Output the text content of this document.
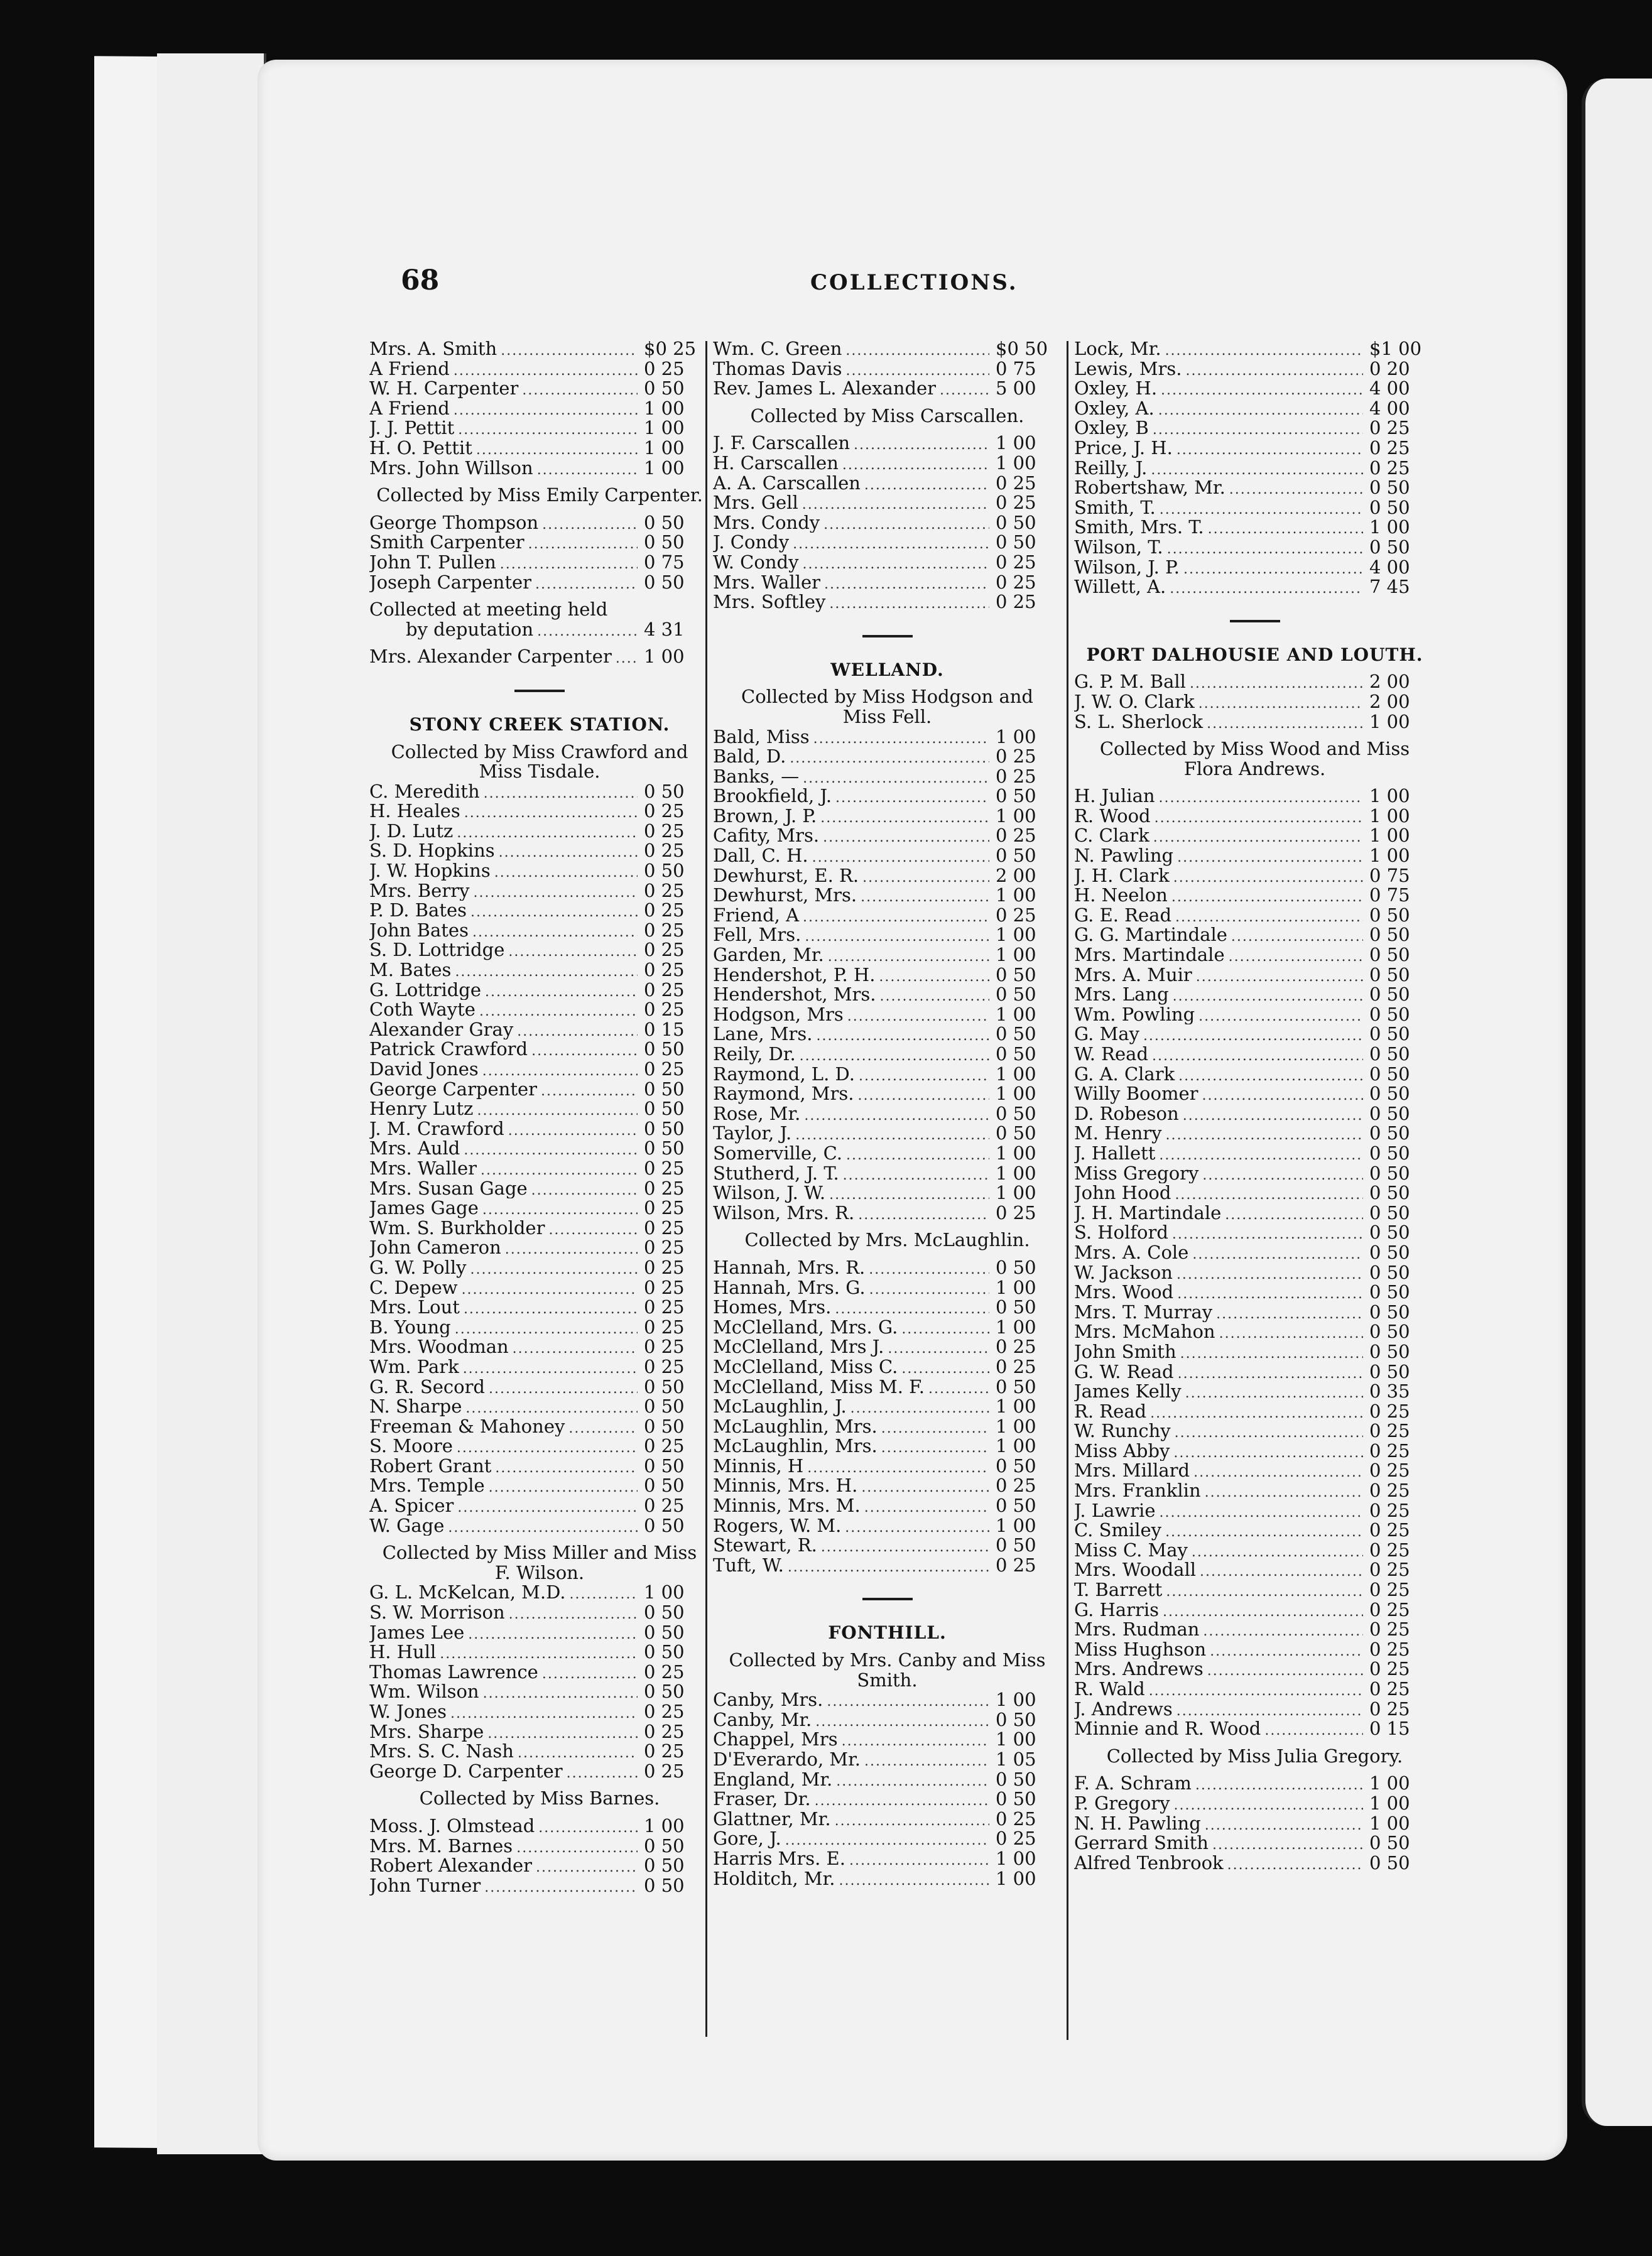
68	COLLECTIONS.
Mrs. A. Smith .....	$0 25
A Friend .....	0 25
W. H. Carpenter .....	0 50
A Friend .....	1 00
J. J. Pettit .....	1 00
H. O. Pettit .....	1 00
Mrs. John Willson .....	1 00
Collected by Miss Emily Carpenter.
George Thompson .....	0 50
Smith Carpenter .....	0 50
John T. Pullen .....	0 75
Joseph Carpenter .....	0 50
Collected at meeting held
by deputation .....	4 31
Mrs. Alexander Carpenter ..... 1 00
STONY CREEK STATION.
Collected by Miss Crawford and
Miss Tisdale.
C. Meredith .....	0 50
H. Heales .....	0 25
J. D. Lutz .....	0 25
S. D. Hopkins .....	0 25
J. W. Hopkins .....	0 50
Mrs. Berry .....	0 25
P. D. Bates .....	0 25
John Bates .....	0 25
S. D. Lottridge .....	0 25
M. Bates .....	0 25
G. Lottridge .....	0 25
Coth Wayte .....	0 25
Alexander Gray .....	0 15
Patrick Crawford .....	0 50
David Jones .....	0 25
George Carpenter .....	0 50
Henry Lutz .....	0 50
J. M. Crawford .....	0 50
Mrs. Auld .....	0 50
Mrs. Waller .....	0 25
Mrs. Susan Gage .....	0 25
James Gage .....	0 25
Wm. S. Burkholder .....	0 25
John Cameron .....	0 25
G. W. Polly .....	0 25
C. Depew .....	0 25
Mrs. Lout .....	0 25
B. Young .....	0 25
Mrs. Woodman .....	0 25
Wm. Park .....	0 25
G. R. Secord .....	0 50
N. Sharpe .....	0 50
Freeman & Mahoney .....	0 50
S. Moore .....	0 25
Robert Grant .....	0 50
Mrs. Temple .....	0 50
A. Spicer .....	0 25
W. Gage .....	0 50
Collected by Miss Miller and Miss
F. Wilson.
G. L. McKelcan, M.D. .....	1 00
S. W. Morrison .....	0 50
James Lee .....	0 50
H. Hull .....	0 50
Thomas Lawrence .....	0 25
Wm. Wilson .....	0 50
W. Jones .....	0 25
Mrs. Sharpe .....	0 25
Mrs. S. C. Nash .....	0 25
George D. Carpenter .....	0 25
Collected by Miss Barnes.
Moss. J. Olmstead .....	1 00
Mrs. M. Barnes .....	0 50
Robert Alexander .....	0 50
John Turner .....	0 50
Wm. C. Green .....	$0 50
Thomas Davis .....	0 75
Rev. James L. Alexander .....	5 00
Collected by Miss Carscallen.
J. F. Carscallen .....	1 00
H. Carscallen .....	1 00
A. A. Carscallen .....	0 25
Mrs. Gell .....	0 25
Mrs. Condy .....	0 50
J. Condy .....	0 50
W. Condy .....	0 25
Mrs. Waller .....	0 25
Mrs. Softley .....	0 25
WELLAND.
Collected by Miss Hodgson and
Miss Fell.
Bald, Miss .....	1 00
Bald, D. .....	0 25
Banks, — .....	0 25
Brookfield, J. .....	0 50
Brown, J. P. .....	1 00
Cafity, Mrs. .....	0 25
Dall, C. H. .....	0 50
Dewhurst, E. R. .....	2 00
Dewhurst, Mrs. .....	1 00
Friend, A .....	0 25
Fell, Mrs. .....	1 00
Garden, Mr. .....	1 00
Hendershot, P. H. .....	0 50
Hendershot, Mrs. .....	0 50
Hodgson, Mrs .....	1 00
Lane, Mrs. .....	0 50
Reily, Dr. .....	0 50
Raymond, L. D. .....	1 00
Raymond, Mrs. .....	1 00
Rose, Mr. .....	0 50
Taylor, J. .....	0 50
Somerville, C. .....	1 00
Stutherd, J. T. .....	1 00
Wilson, J. W. .....	1 00
Wilson, Mrs. R. .....	0 25
Collected by Mrs. McLaughlin.
Hannah, Mrs. R. .....	0 50
Hannah, Mrs. G. .....	1 00
Homes, Mrs. .....	0 50
McClelland, Mrs. G. .....	1 00
McClelland, Mrs J. .....	0 25
McClelland, Miss C. .....	0 25
McClelland, Miss M. F. .....	0 50
McLaughlin, J. .....	1 00
McLaughlin, Mrs. .....	1 00
McLaughlin, Mrs. .....	1 00
Minnis, H .....	0 50
Minnis, Mrs. H. .....	0 25
Minnis, Mrs. M. .....	0 50
Rogers, W. M. .....	1 00
Stewart, R. .....	0 50
Tuft, W. .....	0 25
FONTHILL.
Collected by Mrs. Canby and Miss
Smith.
Canby, Mrs. .....	1 00
Canby, Mr. .....	0 50
Chappel, Mrs .....	1 00
D'Everardo, Mr. .....	1 05
England, Mr. .....	0 50
Fraser, Dr. .....	0 50
Glattner, Mr. .....	0 25
Gore, J. .....	0 25
Harris Mrs. E. .....	1 00
Holditch, Mr. .....	1 00
Lock, Mr. .....	$1 00
Lewis, Mrs. .....	0 20
Oxley, H. .....	4 00
Oxley, A. .....	4 00
Oxley, B .....	0 25
Price, J. H. .....	0 25
Reilly, J. .....	0 25
Robertshaw, Mr. .....	0 50
Smith, T. .....	0 50
Smith, Mrs. T. .....	1 00
Wilson, T. .....	0 50
Wilson, J. P. .....	4 00
Willett, A. .....	7 45
PORT DALHOUSIE AND LOUTH.
G. P. M. Ball .....	2 00
J. W. O. Clark .....	2 00
S. L. Sherlock .....	1 00
Collected by Miss Wood and Miss
Flora Andrews.
H. Julian .....	1 00
R. Wood .....	1 00
C. Clark .....	1 00
N. Pawling .....	1 00
J. H. Clark .....	0 75
H. Neelon .....	0 75
G. E. Read .....	0 50
G. G. Martindale .....	0 50
Mrs. Martindale .....	0 50
Mrs. A. Muir .....	0 50
Mrs. Lang .....	0 50
Wm. Powling .....	0 50
G. May .....	0 50
W. Read .....	0 50
G. A. Clark .....	0 50
Willy Boomer .....	0 50
D. Robeson .....	0 50
M. Henry .....	0 50
J. Hallett .....	0 50
Miss Gregory .....	0 50
John Hood .....	0 50
J. H. Martindale .....	0 50
S. Holford .....	0 50
Mrs. A. Cole .....	0 50
W. Jackson .....	0 50
Mrs. Wood .....	0 50
Mrs. T. Murray .....	0 50
Mrs. McMahon .....	0 50
John Smith .....	0 50
G. W. Read .....	0 50
James Kelly .....	0 35
R. Read .....	0 25
W. Runchy .....	0 25
Miss Abby .....	0 25
Mrs. Millard .....	0 25
Mrs. Franklin .....	0 25
J. Lawrie .....	0 25
C. Smiley .....	0 25
Miss C. May .....	0 25
Mrs. Woodall .....	0 25
T. Barrett .....	0 25
G. Harris .....	0 25
Mrs. Rudman .....	0 25
Miss Hughson .....	0 25
Mrs. Andrews .....	0 25
R. Wald .....	0 25
J. Andrews .....	0 25
Minnie and R. Wood .....	0 15
Collected by Miss Julia Gregory.
F. A. Schram .....	1 00
P. Gregory .....	1 00
N. H. Pawling .....	1 00
Gerrard Smith .....	0 50
Alfred Tenbrook .....	0 50
